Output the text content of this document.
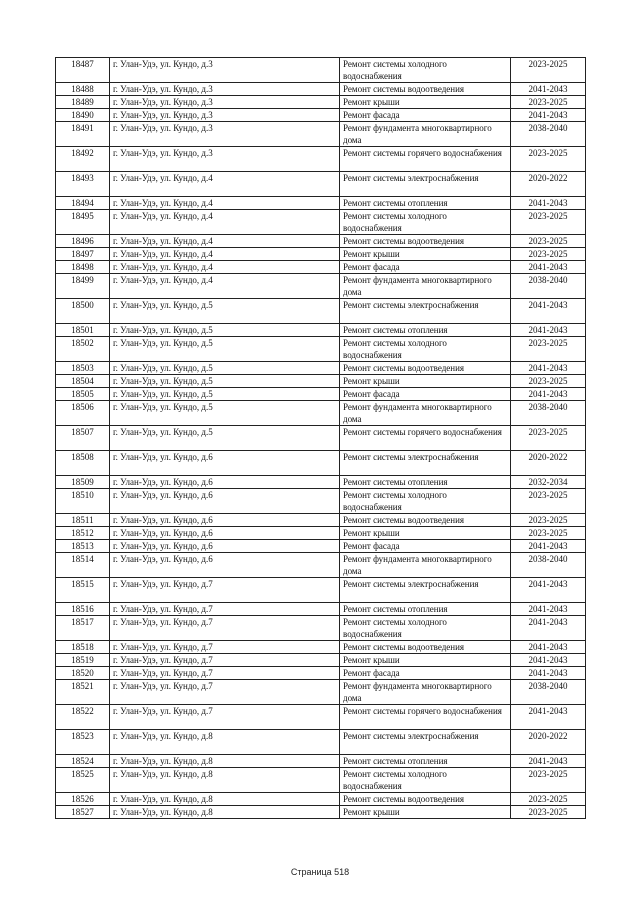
18487	г. Улан-Удэ, ул. Кундо, д.3	Ремонт системы холодного водоснабжения	2023-2025
18488	г. Улан-Удэ, ул. Кундо, д.3	Ремонт системы водоотведения	2041-2043
18489	г. Улан-Удэ, ул. Кундо, д.3	Ремонт крыши	2023-2025
18490	г. Улан-Удэ, ул. Кундо, д.3	Ремонт фасада	2041-2043
18491	г. Улан-Удэ, ул. Кундо, д.3	Ремонт фундамента многоквартирного дома	2038-2040
18492	г. Улан-Удэ, ул. Кундо, д.3	Ремонт системы горячего водоснабжения	2023-2025
18493	г. Улан-Удэ, ул. Кундо, д.4	Ремонт системы электроснабжения	2020-2022
18494	г. Улан-Удэ, ул. Кундо, д.4	Ремонт системы отопления	2041-2043
18495	г. Улан-Удэ, ул. Кундо, д.4	Ремонт системы холодного водоснабжения	2023-2025
18496	г. Улан-Удэ, ул. Кундо, д.4	Ремонт системы водоотведения	2023-2025
18497	г. Улан-Удэ, ул. Кундо, д.4	Ремонт крыши	2023-2025
18498	г. Улан-Удэ, ул. Кундо, д.4	Ремонт фасада	2041-2043
18499	г. Улан-Удэ, ул. Кундо, д.4	Ремонт фундамента многоквартирного дома	2038-2040
18500	г. Улан-Удэ, ул. Кундо, д.5	Ремонт системы электроснабжения	2041-2043
18501	г. Улан-Удэ, ул. Кундо, д.5	Ремонт системы отопления	2041-2043
18502	г. Улан-Удэ, ул. Кундо, д.5	Ремонт системы холодного водоснабжения	2023-2025
18503	г. Улан-Удэ, ул. Кундо, д.5	Ремонт системы водоотведения	2041-2043
18504	г. Улан-Удэ, ул. Кундо, д.5	Ремонт крыши	2023-2025
18505	г. Улан-Удэ, ул. Кундо, д.5	Ремонт фасада	2041-2043
18506	г. Улан-Удэ, ул. Кундо, д.5	Ремонт фундамента многоквартирного дома	2038-2040
18507	г. Улан-Удэ, ул. Кундо, д.5	Ремонт системы горячего водоснабжения	2023-2025
18508	г. Улан-Удэ, ул. Кундо, д.6	Ремонт системы электроснабжения	2020-2022
18509	г. Улан-Удэ, ул. Кундо, д.6	Ремонт системы отопления	2032-2034
18510	г. Улан-Удэ, ул. Кундо, д.6	Ремонт системы холодного водоснабжения	2023-2025
18511	г. Улан-Удэ, ул. Кундо, д.6	Ремонт системы водоотведения	2023-2025
18512	г. Улан-Удэ, ул. Кундо, д.6	Ремонт крыши	2023-2025
18513	г. Улан-Удэ, ул. Кундо, д.6	Ремонт фасада	2041-2043
18514	г. Улан-Удэ, ул. Кундо, д.6	Ремонт фундамента многоквартирного дома	2038-2040
18515	г. Улан-Удэ, ул. Кундо, д.7	Ремонт системы электроснабжения	2041-2043
18516	г. Улан-Удэ, ул. Кундо, д.7	Ремонт системы отопления	2041-2043
18517	г. Улан-Удэ, ул. Кундо, д.7	Ремонт системы холодного водоснабжения	2041-2043
18518	г. Улан-Удэ, ул. Кундо, д.7	Ремонт системы водоотведения	2041-2043
18519	г. Улан-Удэ, ул. Кундо, д.7	Ремонт крыши	2041-2043
18520	г. Улан-Удэ, ул. Кундо, д.7	Ремонт фасада	2041-2043
18521	г. Улан-Удэ, ул. Кундо, д.7	Ремонт фундамента многоквартирного дома	2038-2040
18522	г. Улан-Удэ, ул. Кундо, д.7	Ремонт системы горячего водоснабжения	2041-2043
18523	г. Улан-Удэ, ул. Кундо, д.8	Ремонт системы электроснабжения	2020-2022
18524	г. Улан-Удэ, ул. Кундо, д.8	Ремонт системы отопления	2041-2043
18525	г. Улан-Удэ, ул. Кундо, д.8	Ремонт системы холодного водоснабжения	2023-2025
18526	г. Улан-Удэ, ул. Кундо, д.8	Ремонт системы водоотведения	2023-2025
18527	г. Улан-Удэ, ул. Кундо, д.8	Ремонт крыши	2023-2025
Страница 518
